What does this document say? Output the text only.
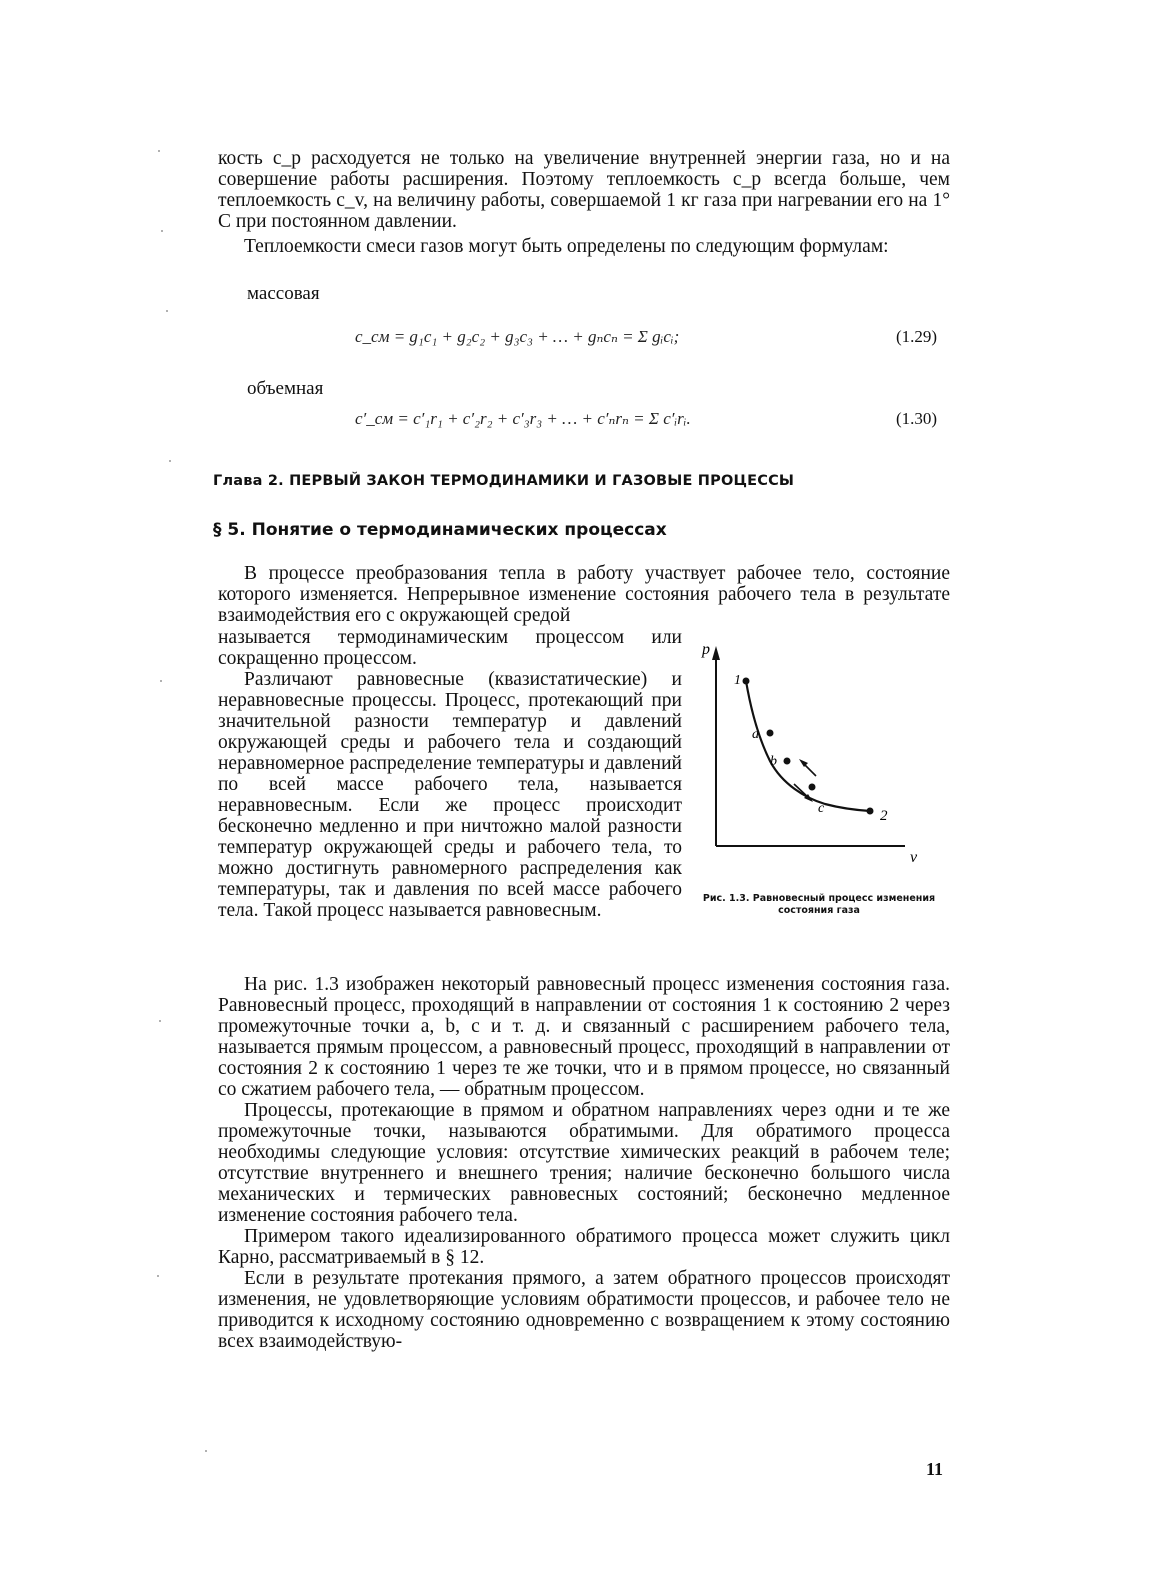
кость c_p расходуется не только на увеличение внутренней энергии газа, но и на совершение работы расширения. Поэтому теплоемкость c_p всегда больше, чем теплоемкость c_v, на величину работы, совершаемой 1 кг газа при нагревании его на 1° С при постоянном давлении.
Теплоемкости смеси газов могут быть определены по следующим формулам:
массовая
c_см = g₁c₁ + g₂c₂ + g₃c₃ + … + gₙcₙ = Σ gᵢcᵢ;	(1.29)
объемная
c′_см = c′₁r₁ + c′₂r₂ + c′₃r₃ + … + c′ₙrₙ = Σ c′ᵢrᵢ.	(1.30)
Глава 2. ПЕРВЫЙ ЗАКОН ТЕРМОДИНАМИКИ И ГАЗОВЫЕ ПРОЦЕССЫ
§ 5. Понятие о термодинамических процессах
В процессе преобразования тепла в работу участвует рабочее тело, состояние которого изменяется. Непрерывное изменение состояния рабочего тела в результате взаимодействия его с окружающей средой
называется термодинамическим процессом или сокращенно процессом.
Различают равновесные (квазистатические) и неравновесные процессы. Процесс, протекающий при значительной разности температур и давлений окружающей среды и рабочего тела и создающий неравномерное распределение температуры и давлений по всей массе рабочего тела, называется неравновесным. Если же процесс происходит бесконечно медленно и при ничтожно малой разности температур окружающей среды и рабочего тела, то можно достигнуть равномерного распределения как температуры, так и давления по всей массе рабочего тела. Такой процесс называется равновесным.
p
v
1
a
b
c	2
Рис. 1.3. Равновесный процесс изменения состояния газа
На рис. 1.3 изображен некоторый равновесный процесс изменения состояния газа. Равновесный процесс, проходящий в направлении от состояния 1 к состоянию 2 через промежуточные точки a, b, c и т. д. и связанный с расширением рабочего тела, называется прямым процессом, а равновесный процесс, проходящий в направлении от состояния 2 к состоянию 1 через те же точки, что и в прямом процессе, но связанный со сжатием рабочего тела, — обратным процессом.
Процессы, протекающие в прямом и обратном направлениях через одни и те же промежуточные точки, называются обратимыми. Для обратимого процесса необходимы следующие условия: отсутствие химических реакций в рабочем теле; отсутствие внутреннего и внешнего трения; наличие бесконечно большого числа механических и термических равновесных состояний; бесконечно медленное изменение состояния рабочего тела.
Примером такого идеализированного обратимого процесса может служить цикл Карно, рассматриваемый в § 12.
Если в результате протекания прямого, а затем обратного процессов происходят изменения, не удовлетворяющие условиям обратимости процессов, и рабочее тело не приводится к исходному состоянию одновременно с возвращением к этому состоянию всех взаимодействую-
11
